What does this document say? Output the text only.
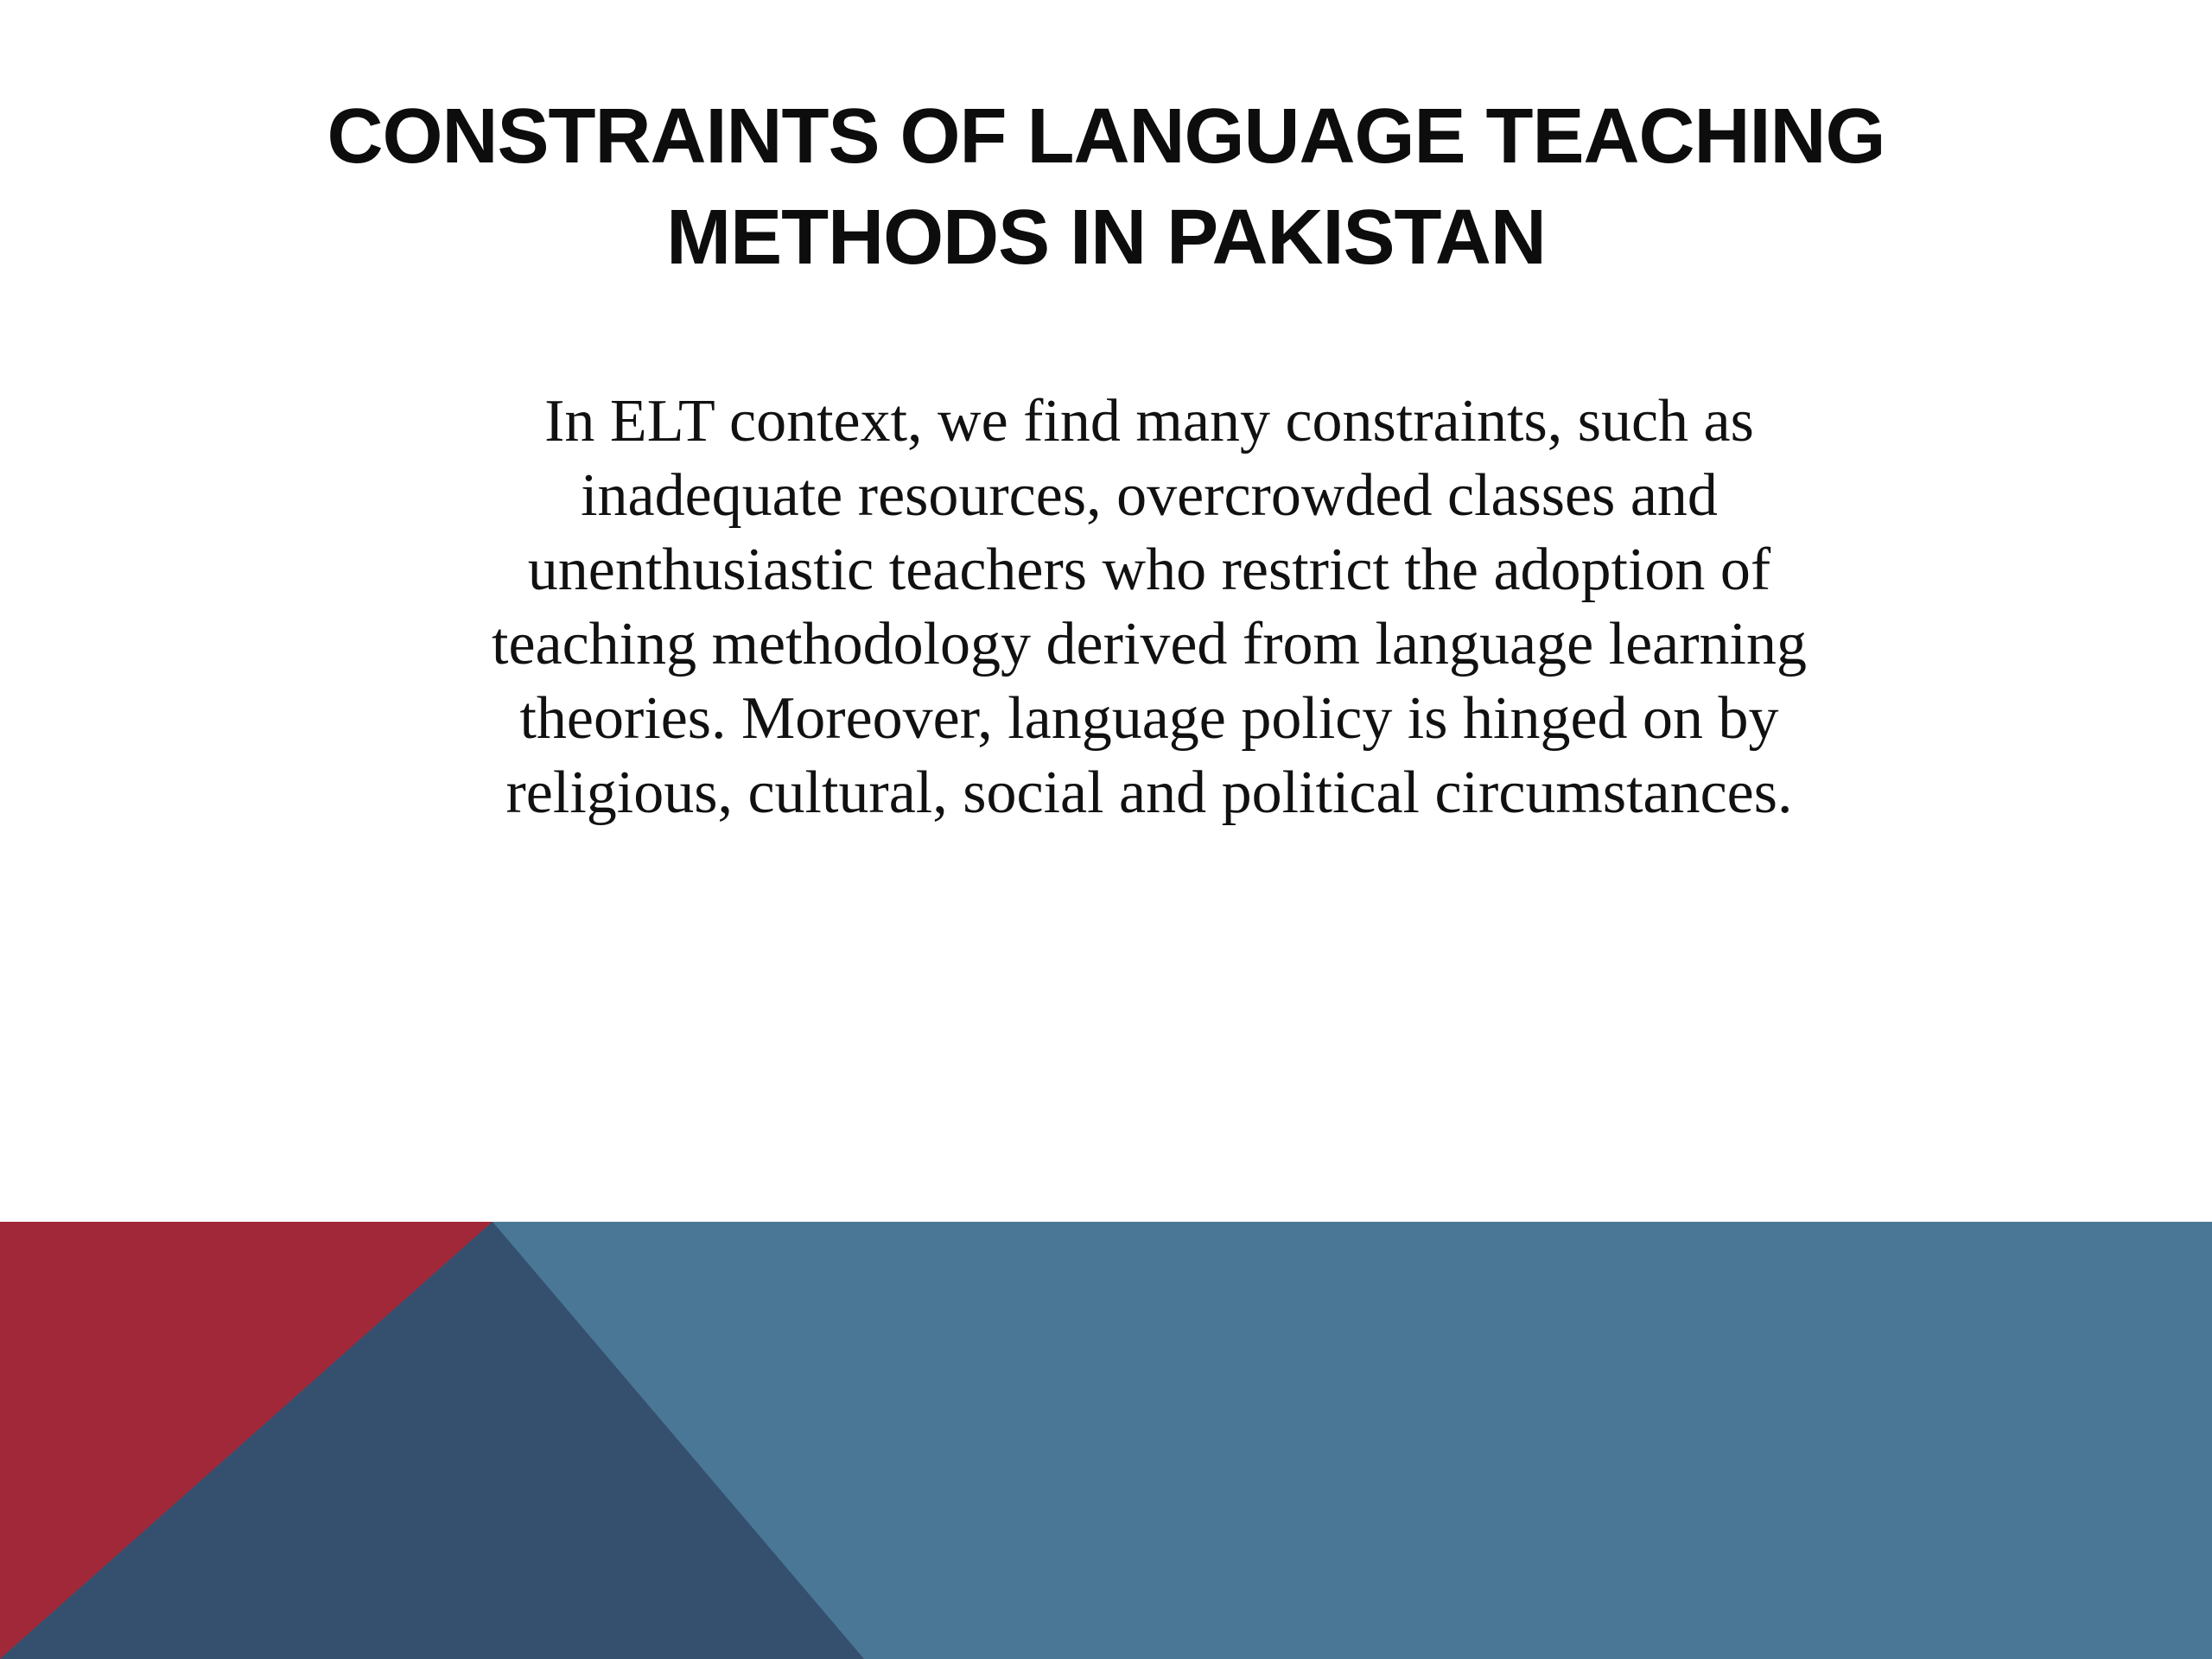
CONSTRAINTS OF LANGUAGE TEACHING
METHODS IN PAKISTAN
In ELT context, we find many constraints, such as
inadequate resources, overcrowded classes and
unenthusiastic teachers who restrict the adoption of
teaching methodology derived from language learning
theories. Moreover, language policy is hinged on by
religious, cultural, social and political circumstances.
